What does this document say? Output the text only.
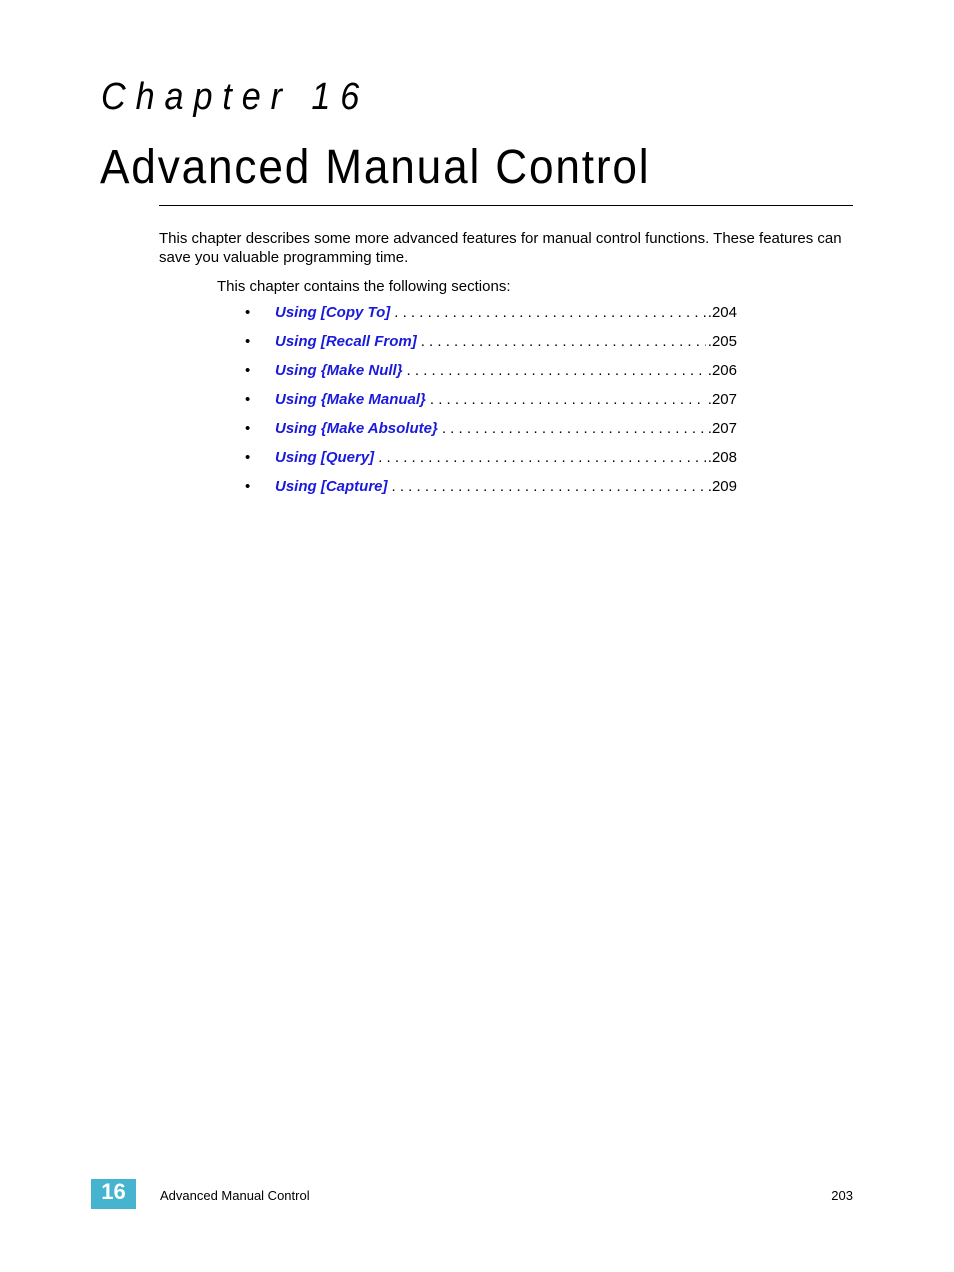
Chapter 16
Advanced Manual Control

This chapter describes some more advanced features for manual control functions. These features can save you valuable programming time.

This chapter contains the following sections:
• Using [Copy To] . . .	.204
• Using [Recall From] . . .	.205
• Using {Make Null} . . .	.206
• Using {Make Manual} . . .	.207
• Using {Make Absolute} . . .	.207
• Using [Query] . . .	.208
• Using [Capture] . . .	.209
16	Advanced Manual Control	203
